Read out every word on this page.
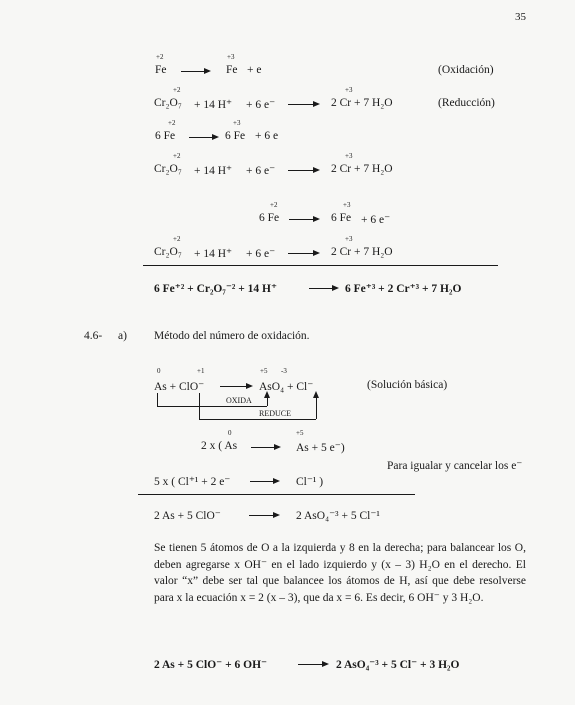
35
+2	+3
Fe → Fe + e	(Oxidación)
+2	+3
Cr₂O₇ + 14 H⁺ + 6 e⁻ → 2 Cr + 7 H₂O	(Reducción)
+2	+3
6 Fe → 6 Fe + 6 e
+2	+3
Cr₂O₇ + 14 H⁺ + 6 e⁻ → 2 Cr + 7 H₂O
+2	+3
6 Fe → 6 Fe + 6 e⁻
+2	+3
Cr₂O₇ + 14 H⁺ + 6 e⁻ → 2 Cr + 7 H₂O
6 Fe⁺² + Cr₂O₇⁻² + 14 H⁺	→ 6 Fe⁺³ + 2 Cr⁺³ + 7 H₂O
4.6- a) Método del número de oxidación.
0	+1	+5 -3
As + ClO⁻ → AsO₄ + Cl⁻	(Solución básica)
OXIDA
REDUCE
0	+5
2 x ( As → As + 5 e⁻)
Para igualar y cancelar los e⁻
5 x ( Cl⁺¹ + 2 e⁻	Cl⁻¹ )
2 As + 5 ClO⁻	2 AsO₄⁻³ + 5 Cl⁻¹
Se tienen 5 átomos de O a la izquierda y 8 en la derecha; para balancear los O, deben agregarse x OH⁻ en el lado izquierdo y (x – 3) H₂O en el derecho. El valor “x” debe ser tal que balancee los átomos de H, así que debe resolverse para x la ecuación x = 2 (x – 3), que da x = 6. Es decir, 6 OH⁻ y 3 H₂O.
2 As + 5 ClO⁻ + 6 OH⁻	→ 2 AsO₄⁻³ + 5 Cl⁻ + 3 H₂O
